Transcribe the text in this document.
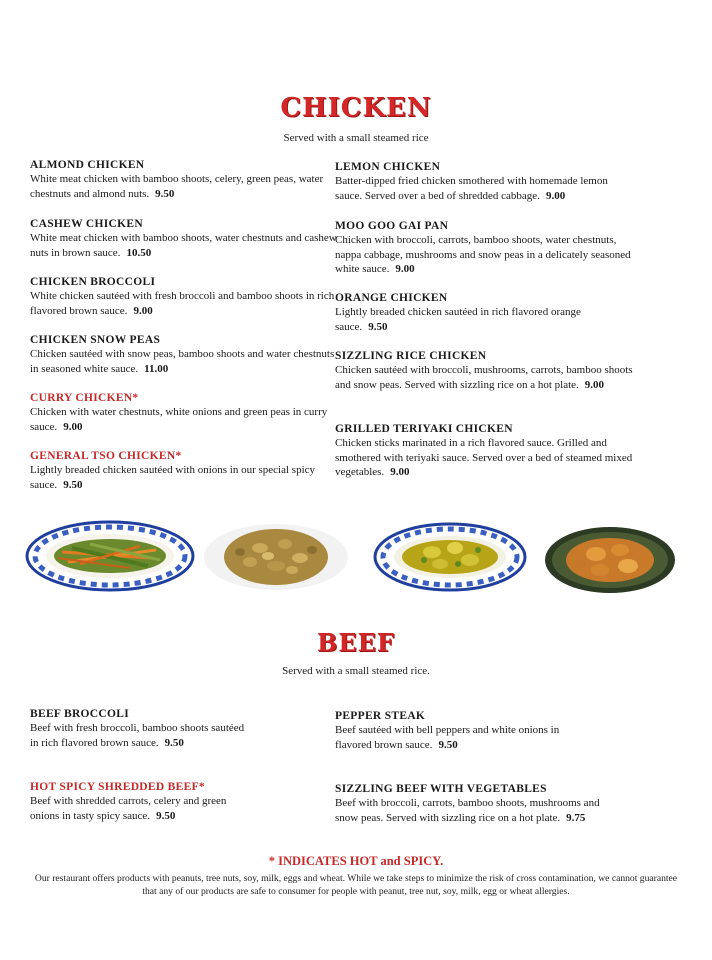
CHICKEN
Served with a small steamed rice
ALMOND CHICKEN
White meat chicken with bamboo shoots, celery, green peas, water chestnuts and almond nuts. 9.50
CASHEW CHICKEN
White meat chicken with bamboo shoots, water chestnuts and cashew nuts in brown sauce. 10.50
CHICKEN BROCCOLI
White chicken sautéed with fresh broccoli and bamboo shoots in rich flavored brown sauce. 9.00
CHICKEN SNOW PEAS
Chicken sautéed with snow peas, bamboo shoots and water chestnuts in seasoned white sauce. 11.00
CURRY CHICKEN*
Chicken with water chestnuts, white onions and green peas in curry sauce. 9.00
GENERAL TSO CHICKEN*
Lightly breaded chicken sautéed with onions in our special spicy sauce. 9.50
LEMON CHICKEN
Batter-dipped fried chicken smothered with homemade lemon sauce. Served over a bed of shredded cabbage. 9.00
MOO GOO GAI PAN
Chicken with broccoli, carrots, bamboo shoots, water chestnuts, nappa cabbage, mushrooms and snow peas in a delicately seasoned white sauce. 9.00
ORANGE CHICKEN
Lightly breaded chicken sautéed in rich flavored orange sauce. 9.50
SIZZLING RICE CHICKEN
Chicken sautéed with broccoli, mushrooms, carrots, bamboo shoots and snow peas. Served with sizzling rice on a hot plate. 9.00
GRILLED TERIYAKI CHICKEN
Chicken sticks marinated in a rich flavored sauce. Grilled and smothered with teriyaki sauce. Served over a bed of steamed mixed vegetables. 9.00
BEEF
Served with a small steamed rice.
BEEF BROCCOLI
Beef with fresh broccoli, bamboo shoots sautéed in rich flavored brown sauce. 9.50
HOT SPICY SHREDDED BEEF*
Beef with shredded carrots, celery and green onions in tasty spicy sauce. 9.50
PEPPER STEAK
Beef sautéed with bell peppers and white onions in flavored brown sauce. 9.50
SIZZLING BEEF WITH VEGETABLES
Beef with broccoli, carrots, bamboo shoots, mushrooms and snow peas. Served with sizzling rice on a hot plate. 9.75
* INDICATES HOT and SPICY.
Our restaurant offers products with peanuts, tree nuts, soy, milk, eggs and wheat. While we take steps to minimize the risk of cross contamination, we cannot guarantee that any of our products are safe to consumer for people with peanut, tree nut, soy, milk, egg or wheat allergies.
